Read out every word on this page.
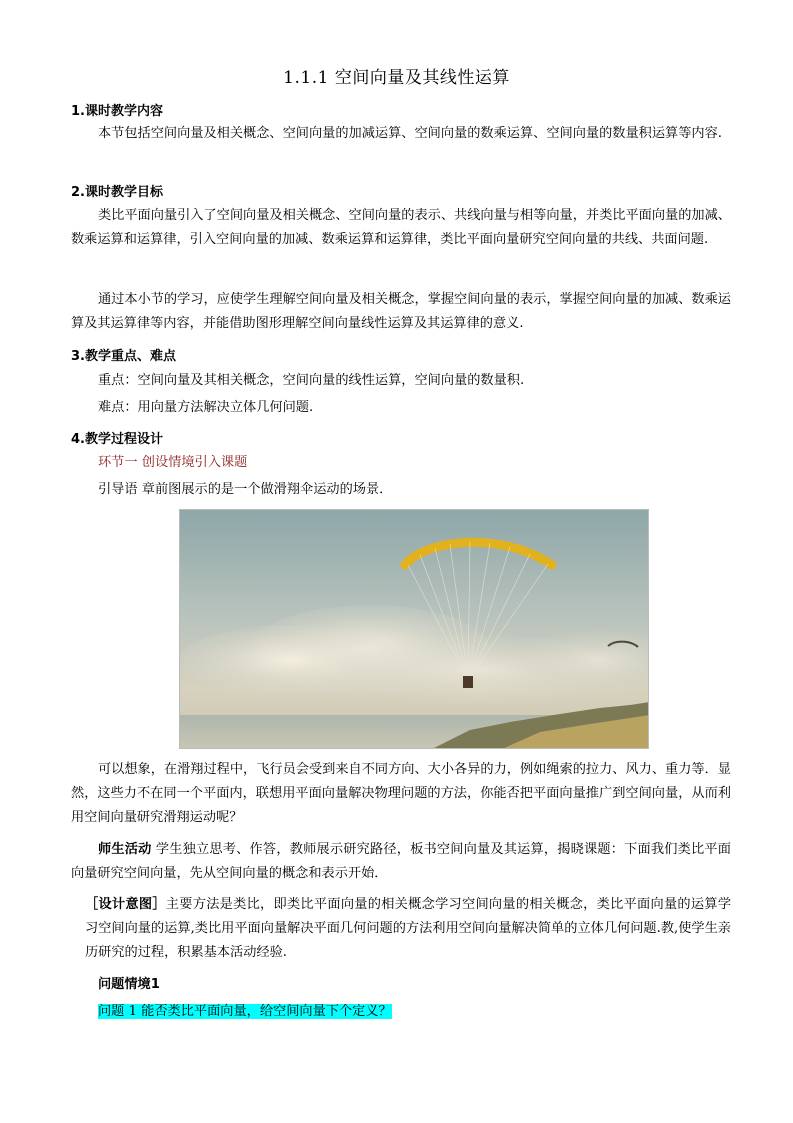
1.1.1 空间向量及其线性运算
1.课时教学内容
本节包括空间向量及相关概念、空间向量的加减运算、空间向量的数乘运算、空间向量的数量积运算等内容.
2.课时教学目标
类比平面向量引入了空间向量及相关概念、空间向量的表示、共线向量与相等向量，并类比平面向量的加减、数乘运算和运算律，引入空间向量的加减、数乘运算和运算律，类比平面向量研究空间向量的共线、共面问题.
通过本小节的学习，应使学生理解空间向量及相关概念，掌握空间向量的表示，掌握空间向量的加减、数乘运算及其运算律等内容，并能借助图形理解空间向量线性运算及其运算律的意义.
3.教学重点、难点
重点：空间向量及其相关概念，空间向量的线性运算，空间向量的数量积.
难点：用向量方法解决立体几何问题.
4.教学过程设计
环节一 创设情境引入课题
引导语 章前图展示的是一个做滑翔伞运动的场景．
可以想象，在滑翔过程中，飞行员会受到来自不同方向、大小各异的力，例如绳索的拉力、风力、重力等．显然，这些力不在同一个平面内，联想用平面向量解决物理问题的方法，你能否把平面向量推广到空间向量，从而利用空间向量研究滑翔运动呢？
师生活动 学生独立思考、作答，教师展示研究路径，板书空间向量及其运算，揭晓课题：下面我们类比平面向量研究空间向量，先从空间向量的概念和表示开始．
［设计意图］主要方法是类比，即类比平面向量的相关概念学习空间向量的相关概念，类比平面向量的运算学习空间向量的运算,类比用平面向量解决平面几何问题的方法利用空间向量解决简单的立体几何问题.教,使学生亲历研究的过程，积累基本活动经验.
问题情境1
问题 1 能否类比平面向量，给空间向量下个定义？
